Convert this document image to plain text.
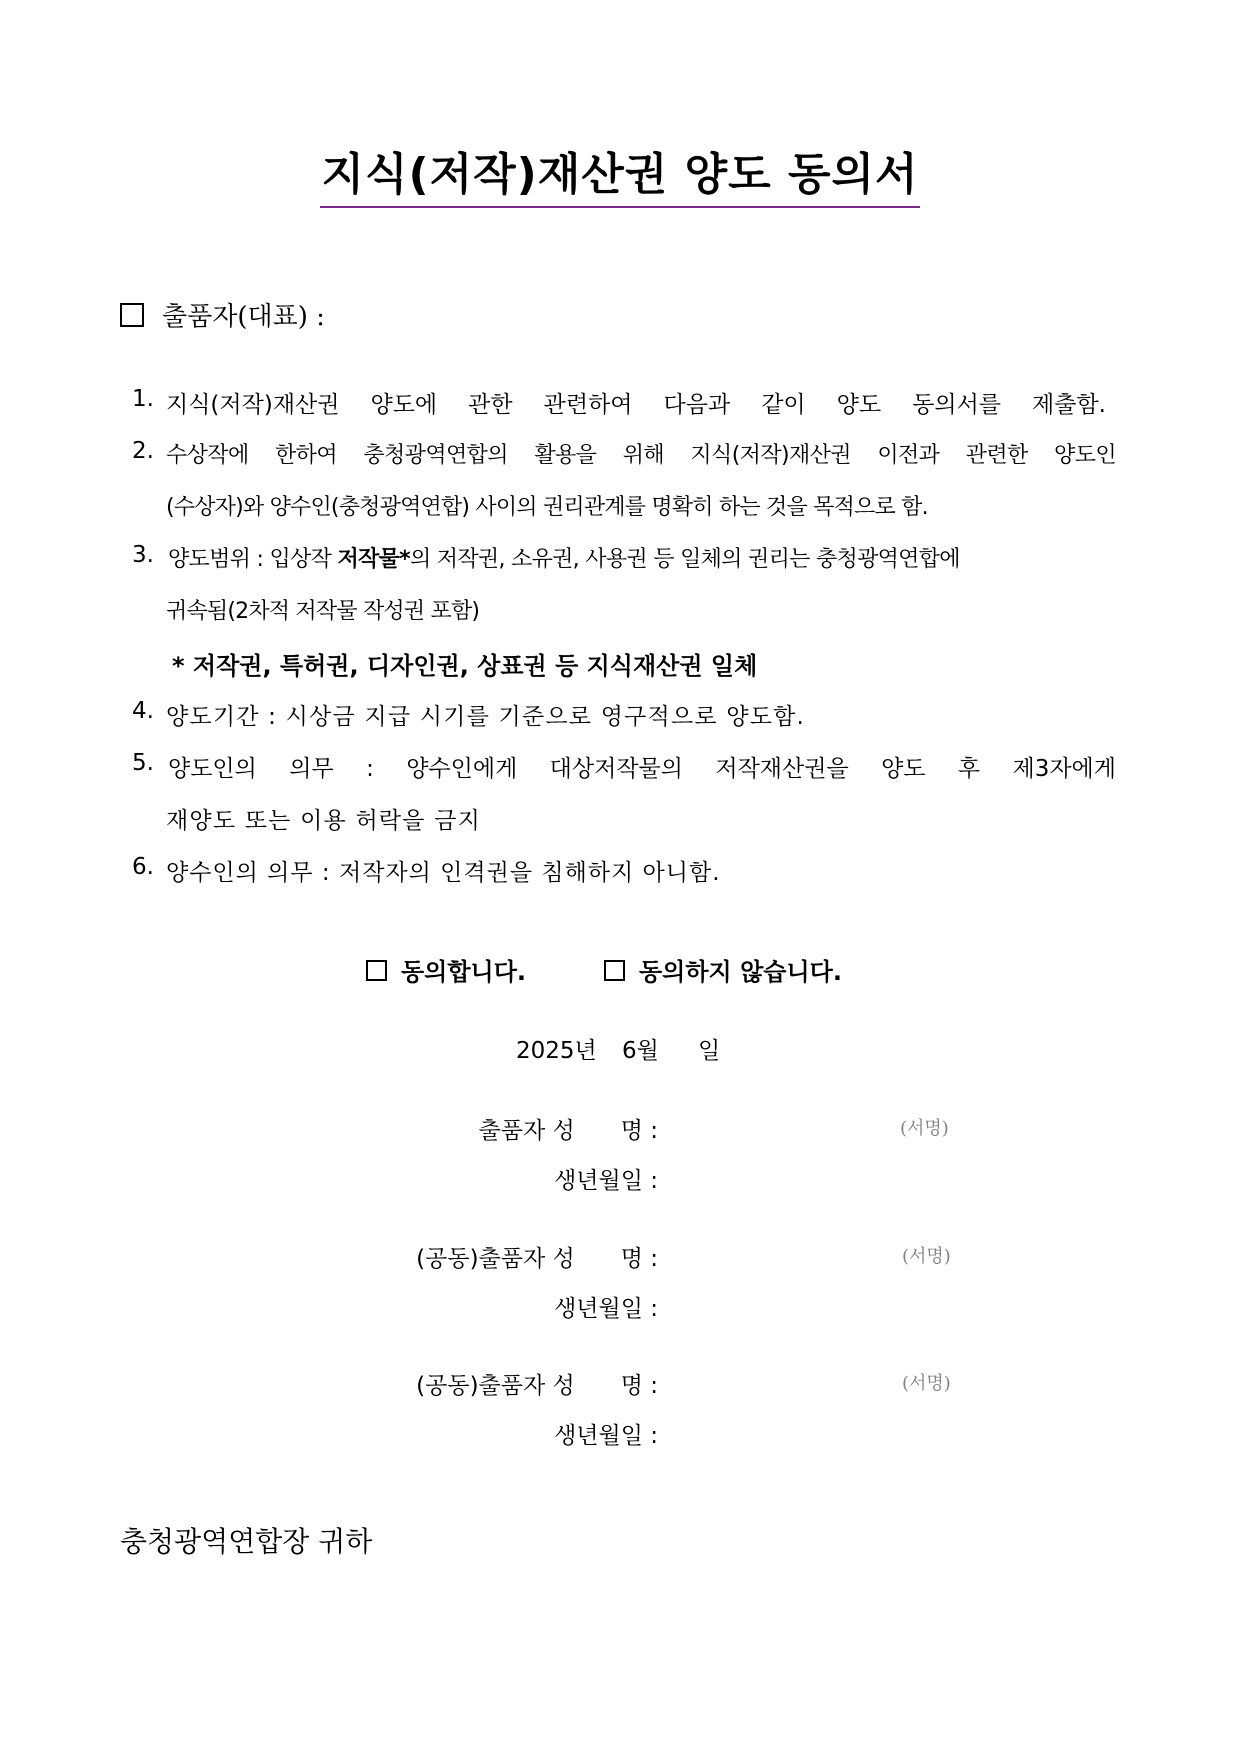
지식(저작)재산권 양도 동의서
출품자(대표) :
1. 지식(저작)재산권 양도에 관한 관련하여 다음과 같이 양도 동의서를 제출함.
2. 수상작에 한하여 충청광역연합의 활용을 위해 지식(저작)재산권 이전과 관련한 양도인
(수상자)와 양수인(충청광역연합) 사이의 권리관계를 명확히 하는 것을 목적으로 함.
3. 양도범위 : 입상작 저작물*의 저작권, 소유권, 사용권 등 일체의 권리는 충청광역연합에
귀속됨(2차적 저작물 작성권 포함)
* 저작권, 특허권, 디자인권, 상표권 등 지식재산권 일체
4. 양도기간 : 시상금 지급 시기를 기준으로 영구적으로 양도함.
5. 양도인의 의무 : 양수인에게 대상저작물의 저작재산권을 양도 후 제3자에게
재양도 또는 이용 허락을 금지
6. 양수인의 의무 : 저작자의 인격권을 침해하지 아니함.
동의합니다.	동의하지 않습니다.
2025년 6월 일
출품자 성　　명 :	(서명)
생년월일 :
(공동)출품자 성　　명 :	(서명)
생년월일 :
(공동)출품자 성　　명 :	(서명)
생년월일 :
충청광역연합장 귀하
